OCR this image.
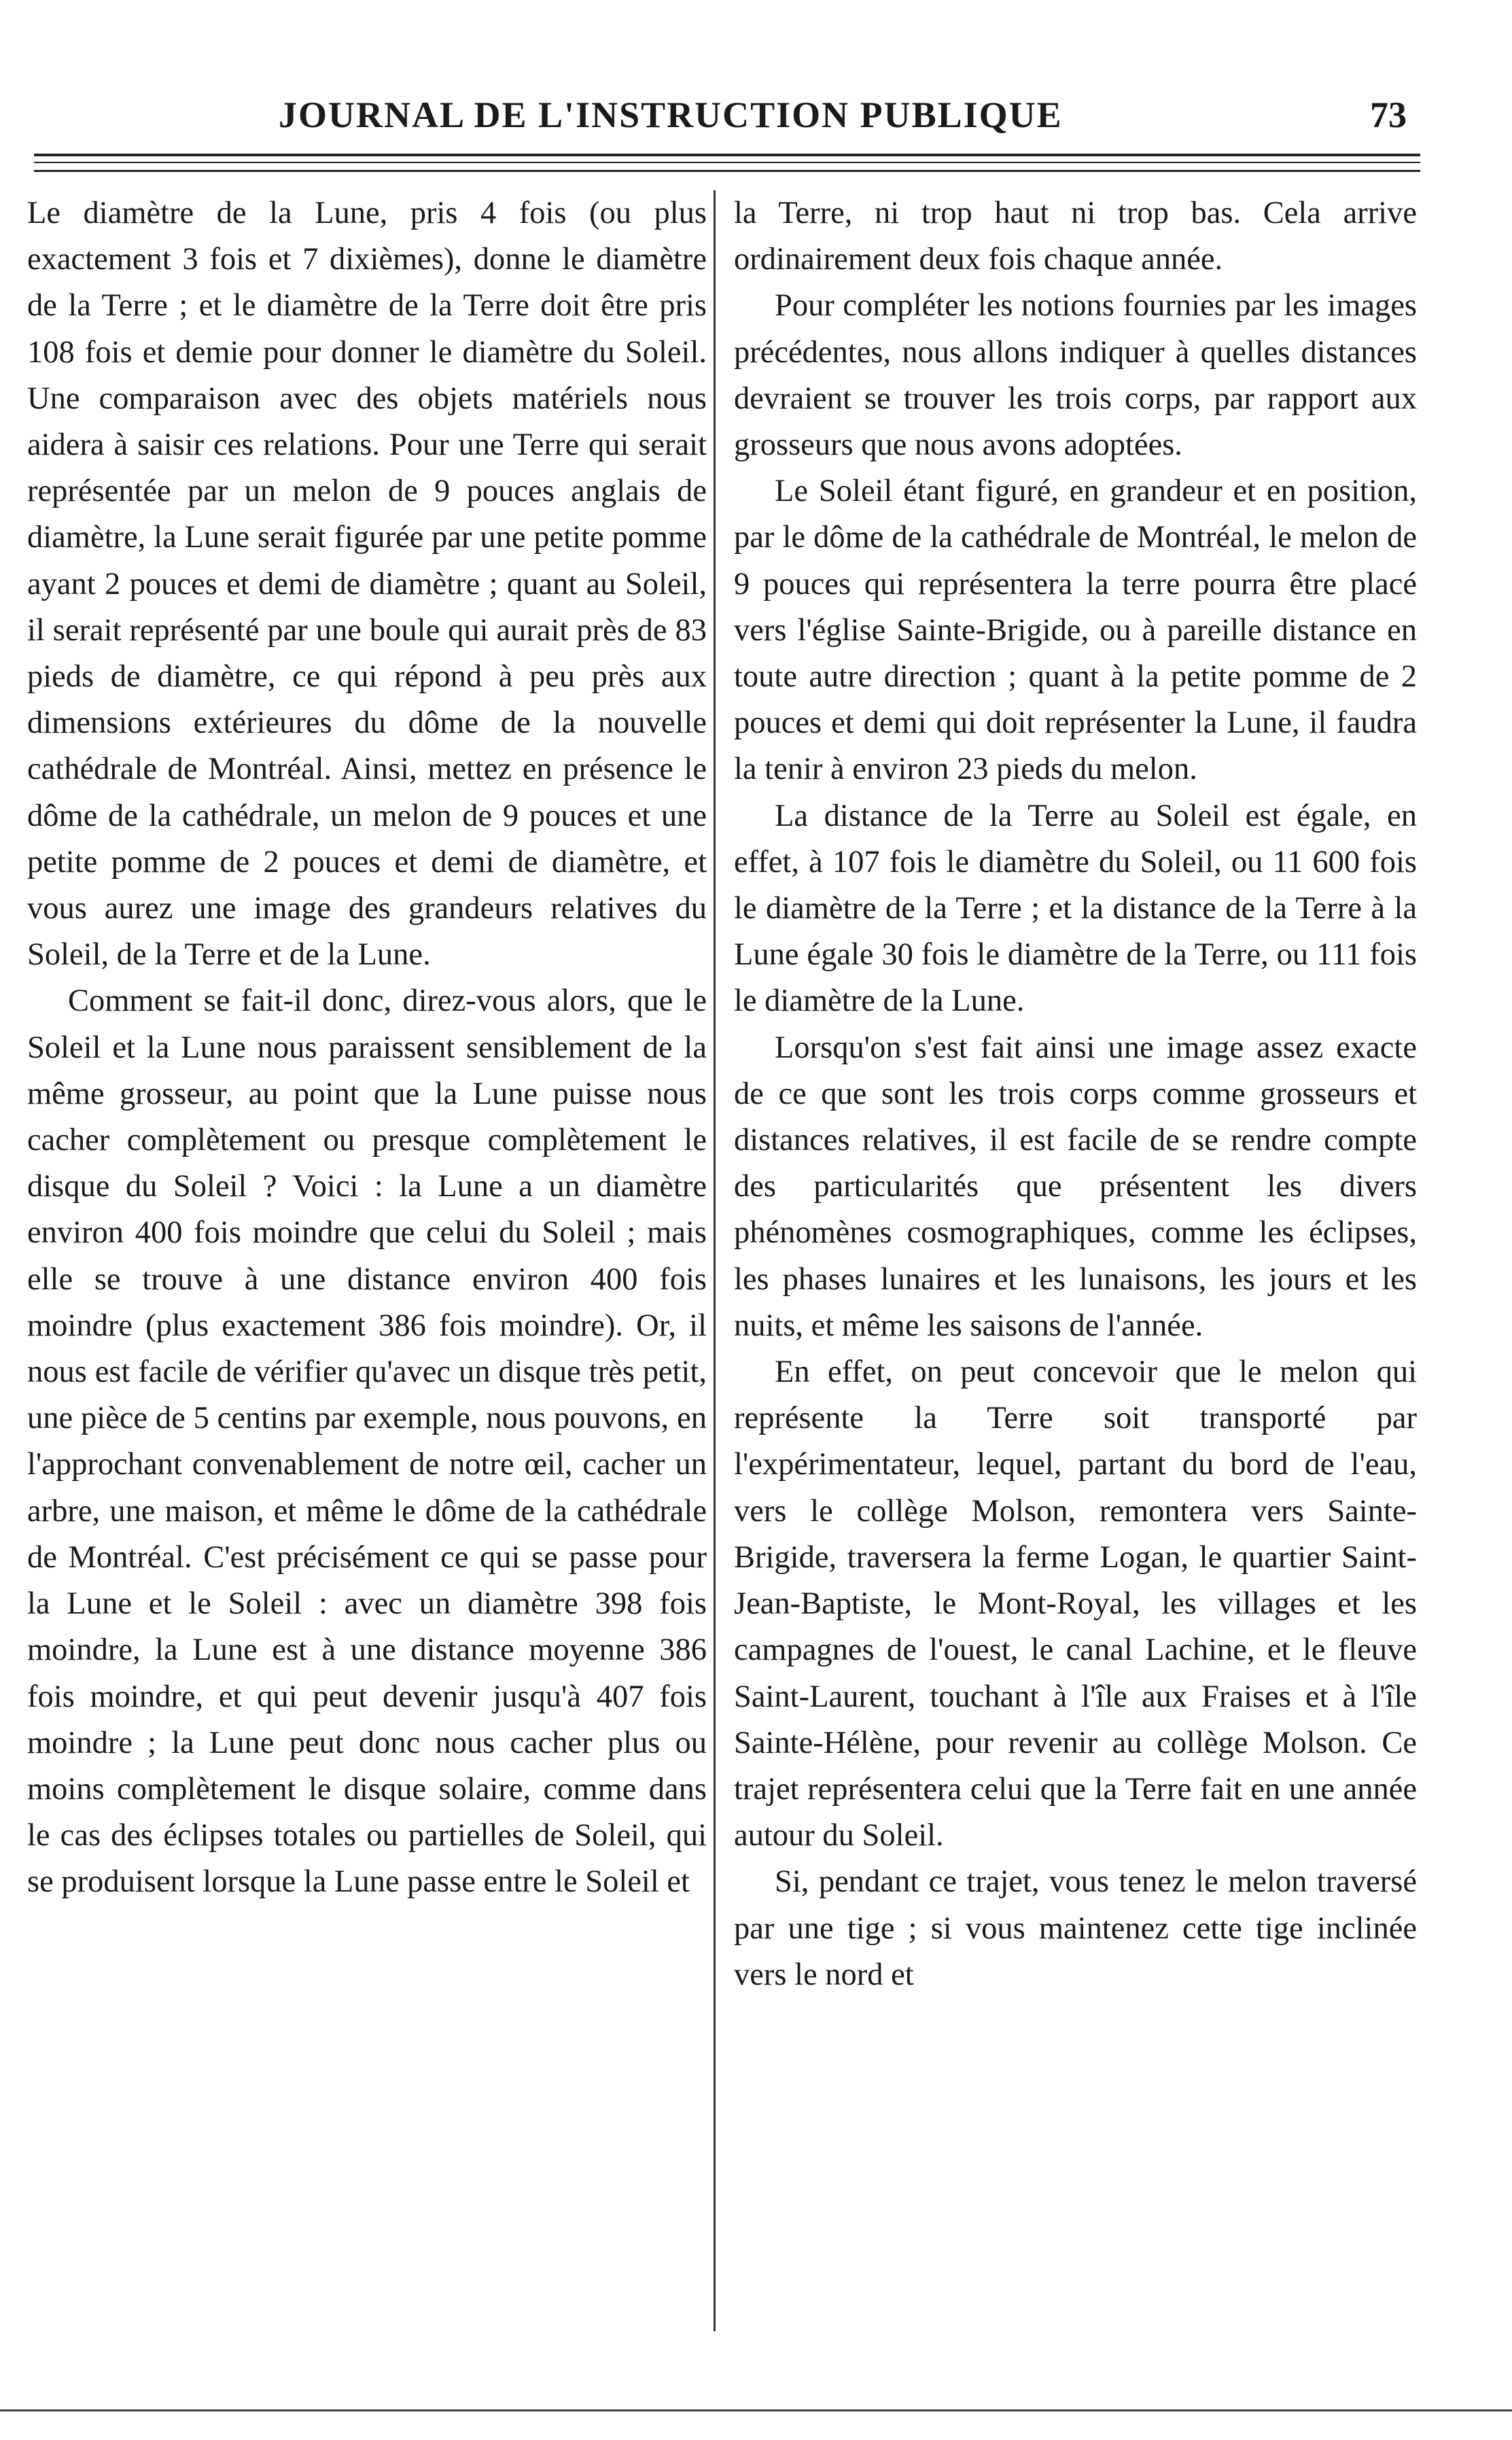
JOURNAL DE L'INSTRUCTION PUBLIQUE	73

Le diamètre de la Lune, pris 4 fois (ou plus exactement 3 fois et 7 dixièmes), donne le diamètre de la Terre ; et le diamètre de la Terre doit être pris 108 fois et demie pour donner le diamètre du Soleil. Une comparaison avec des objets matériels nous aidera à saisir ces relations. Pour une Terre qui serait représentée par un melon de 9 pouces anglais de diamètre, la Lune serait figurée par une petite pomme ayant 2 pouces et demi de diamètre ; quant au Soleil, il serait représenté par une boule qui aurait près de 83 pieds de diamètre, ce qui répond à peu près aux dimensions extérieures du dôme de la nouvelle cathédrale de Montréal. Ainsi, mettez en présence le dôme de la cathédrale, un melon de 9 pouces et une petite pomme de 2 pouces et demi de diamètre, et vous aurez une image des grandeurs relatives du Soleil, de la Terre et de la Lune.

Comment se fait-il donc, direz-vous alors, que le Soleil et la Lune nous paraissent sensiblement de la même grosseur, au point que la Lune puisse nous cacher complètement ou presque complètement le disque du Soleil ? Voici : la Lune a un diamètre environ 400 fois moindre que celui du Soleil ; mais elle se trouve à une distance environ 400 fois moindre (plus exactement 386 fois moindre). Or, il nous est facile de vérifier qu'avec un disque très petit, une pièce de 5 centins par exemple, nous pouvons, en l'approchant convenablement de notre œil, cacher un arbre, une maison, et même le dôme de la cathédrale de Montréal. C'est précisément ce qui se passe pour la Lune et le Soleil : avec un diamètre 398 fois moindre, la Lune est à une distance moyenne 386 fois moindre, et qui peut devenir jusqu'à 407 fois moindre ; la Lune peut donc nous cacher plus ou moins complètement le disque solaire, comme dans le cas des éclipses totales ou partielles de Soleil, qui se produisent lorsque la Lune passe entre le Soleil et

la Terre, ni trop haut ni trop bas. Cela arrive ordinairement deux fois chaque année.

Pour compléter les notions fournies par les images précédentes, nous allons indiquer à quelles distances devraient se trouver les trois corps, par rapport aux grosseurs que nous avons adoptées.

Le Soleil étant figuré, en grandeur et en position, par le dôme de la cathédrale de Montréal, le melon de 9 pouces qui représentera la terre pourra être placé vers l'église Sainte-Brigide, ou à pareille distance en toute autre direction ; quant à la petite pomme de 2 pouces et demi qui doit représenter la Lune, il faudra la tenir à environ 23 pieds du melon.

La distance de la Terre au Soleil est égale, en effet, à 107 fois le diamètre du Soleil, ou 11 600 fois le diamètre de la Terre ; et la distance de la Terre à la Lune égale 30 fois le diamètre de la Terre, ou 111 fois le diamètre de la Lune.

Lorsqu'on s'est fait ainsi une image assez exacte de ce que sont les trois corps comme grosseurs et distances relatives, il est facile de se rendre compte des particularités que présentent les divers phénomènes cosmographiques, comme les éclipses, les phases lunaires et les lunaisons, les jours et les nuits, et même les saisons de l'année.

En effet, on peut concevoir que le melon qui représente la Terre soit transporté par l'expérimentateur, lequel, partant du bord de l'eau, vers le collège Molson, remontera vers Sainte-Brigide, traversera la ferme Logan, le quartier Saint-Jean-Baptiste, le Mont-Royal, les villages et les campagnes de l'ouest, le canal Lachine, et le fleuve Saint-Laurent, touchant à l'île aux Fraises et à l'île Sainte-Hélène, pour revenir au collège Molson. Ce trajet représentera celui que la Terre fait en une année autour du Soleil.

Si, pendant ce trajet, vous tenez le melon traversé par une tige ; si vous maintenez cette tige inclinée vers le nord et
